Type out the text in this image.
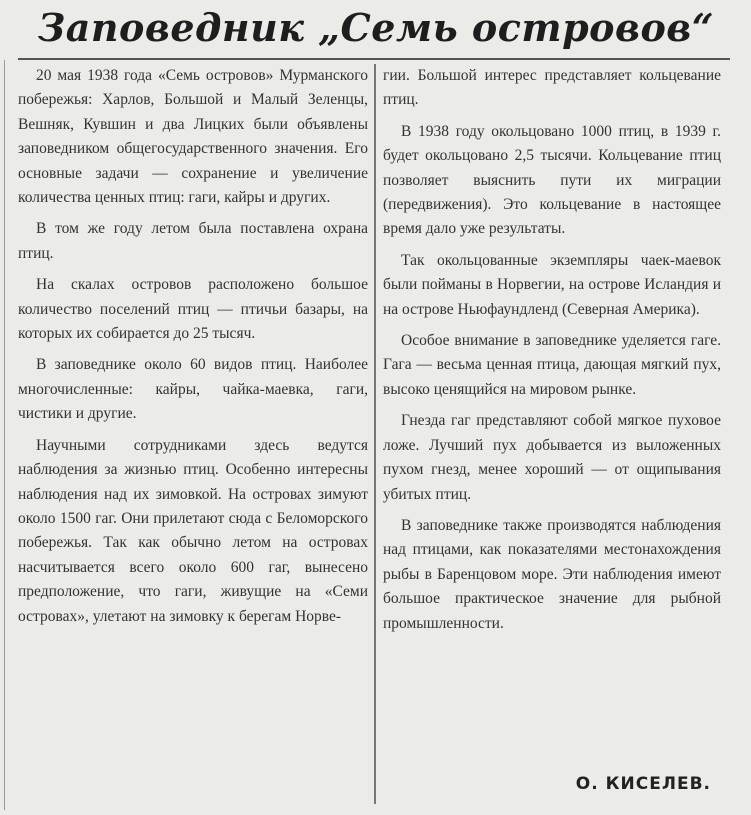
Заповедник „Семь островов“

20 мая 1938 года «Семь островов» Мурманского побережья: Харлов, Большой и Малый Зеленцы, Вешняк, Кувшин и два Лицких были объявлены заповедником общегосударственного значения. Его основные задачи — сохранение и увеличение количества ценных птиц: гаги, кайры и других.

В том же году летом была поставлена охрана птиц.

На скалах островов расположено большое количество поселений птиц — птичьи базары, на которых их собирается до 25 тысяч.

В заповеднике около 60 видов птиц. Наиболее многочисленные: кайры, чайка-маевка, гаги, чистики и другие.

Научными сотрудниками здесь ведутся наблюдения за жизнью птиц. Особенно интересны наблюдения над их зимовкой. На островах зимуют около 1500 гаг. Они прилетают сюда с Беломорского побережья. Так как обычно летом на островах насчитывается всего около 600 гаг, вынесено предположение, что гаги, живущие на «Семи островах», улетают на зимовку к берегам Норве-

гии. Большой интерес представляет кольцевание птиц.

В 1938 году окольцовано 1000 птиц, в 1939 г. будет окольцовано 2,5 тысячи. Кольцевание птиц позволяет выяснить пути их миграции (передвижения). Это кольцевание в настоящее время дало уже результаты.

Так окольцованные экземпляры чаек-маевок были пойманы в Норвегии, на острове Исландия и на острове Ньюфаундленд (Северная Америка).

Особое внимание в заповеднике уделяется гаге. Гага — весьма ценная птица, дающая мягкий пух, высоко ценящийся на мировом рынке.

Гнезда гаг представляют собой мягкое пуховое ложе. Лучший пух добывается из выложенных пухом гнезд, менее хороший — от ощипывания убитых птиц.

В заповеднике также производятся наблюдения над птицами, как показателями местонахождения рыбы в Баренцовом море. Эти наблюдения имеют большое практическое значение для рыбной промышленности.

О. КИСЕЛЕВ.
